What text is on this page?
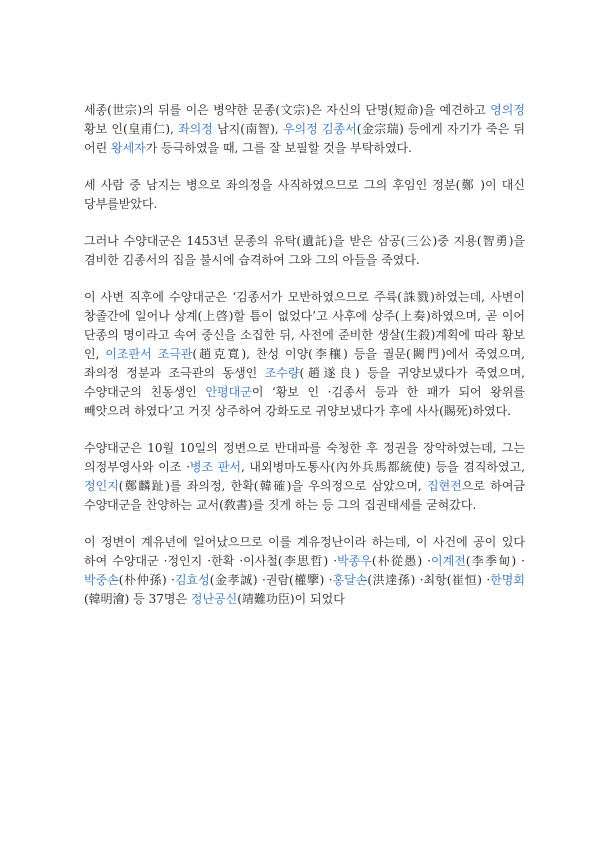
세종(世宗)의 뒤를 이은 병약한 문종(文宗)은 자신의 단명(短命)을 예견하고 영의정 황보 인(皇甫仁), 좌의정 남지(南智), 우의정 김종서(金宗瑞) 등에게 자기가 죽은 뒤 어린 왕세자가 등극하였을 때, 그를 잘 보필할 것을 부탁하였다.

세 사람 중 남지는 병으로 좌의정을 사직하였으므로 그의 후임인 정분(鄭 )이 대신 당부를받았다.

그러나 수양대군은 1453년 문종의 유탁(遺託)을 받은 삼공(三公)중 지용(智勇)을 겸비한 김종서의 집을 불시에 습격하여 그와 그의 아들을 죽였다.

이 사변 직후에 수양대군은 ‘김종서가 모반하였으므로 주륙(誅戮)하였는데, 사변이 창졸간에 일어나 상계(上啓)할 틈이 없었다’고 사후에 상주(上奏)하였으며, 곧 이어 단종의 명이라고 속여 중신을 소집한 뒤, 사전에 준비한 생살(生殺)계획에 따라 황보 인, 이조판서 조극관(趙克寬), 찬성 이양(李穰) 등을 궐문(闕門)에서 죽였으며, 좌의정 정분과 조극관의 동생인 조수량(趙遂良) 등을 귀양보냈다가 죽였으며, 수양대군의 친동생인 안평대군이 ‘황보 인 ·김종서 등과 한 패가 되어 왕위를 빼앗으려 하였다’고 거짓 상주하여 강화도로 귀양보냈다가 후에 사사(賜死)하였다.

수양대군은 10월 10일의 정변으로 반대파를 숙청한 후 정권을 장악하였는데, 그는 의정부영사와 이조 ·병조 판서, 내외병마도통사(內外兵馬都統使) 등을 겸직하였고, 정인지(鄭麟趾)를 좌의정, 한확(韓確)을 우의정으로 삼았으며, 집현전으로 하여금 수양대군을 찬양하는 교서(敎書)를 짓게 하는 등 그의 집권태세를 굳혀갔다.

이 정변이 계유년에 일어났으므로 이를 계유정난이라 하는데, 이 사건에 공이 있다 하여 수양대군 ·정인지 ·한확 ·이사철(李思哲) ·박종우(朴從愚) ·이계전(李季甸) ·박중손(朴仲孫) ·김효성(金孝誠) ·권람(權擥) ·홍달손(洪達孫) ·최항(崔恒) ·한명회(韓明澮) 등 37명은 정난공신(靖難功臣)이 되었다
